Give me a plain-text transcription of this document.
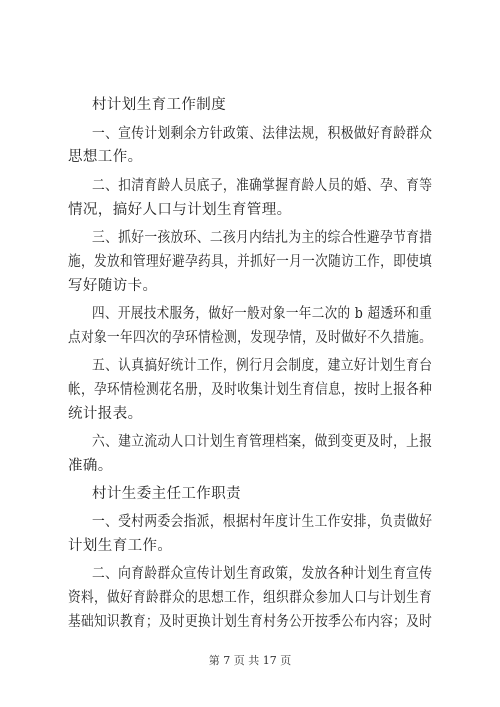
村计划生育工作制度
一、宣传计划剩余方针政策、法律法规，积极做好育龄群众
思想工作。
二、扣清育龄人员底子，准确掌握育龄人员的婚、孕、育等
情况，搞好人口与计划生育管理。
三、抓好一孩放环、二孩月内结扎为主的综合性避孕节育措
施，发放和管理好避孕药具，并抓好一月一次随访工作，即使填
写好随访卡。
四、开展技术服务，做好一般对象一年二次的 b 超透环和重
点对象一年四次的孕环情检测，发现孕情，及时做好不久措施。
五、认真搞好统计工作，例行月会制度，建立好计划生育台
帐，孕环情检测花名册，及时收集计划生育信息，按时上报各种
统计报表。
六、建立流动人口计划生育管理档案，做到变更及时，上报
准确。
村计生委主任工作职责
一、受村两委会指派，根据村年度计生工作安排，负责做好
计划生育工作。
二、向育龄群众宣传计划生育政策，发放各种计划生育宣传
资料，做好育龄群众的思想工作，组织群众参加人口与计划生育
基础知识教育；及时更换计划生育村务公开按季公布内容；及时
第 7 页 共 17 页
